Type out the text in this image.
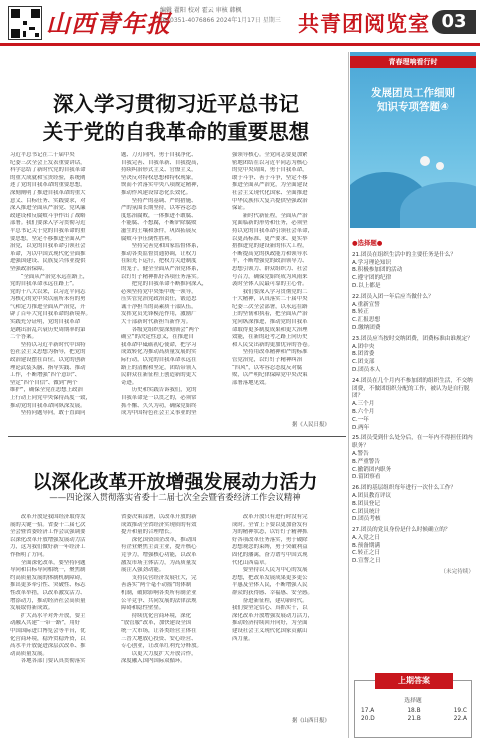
山西青年报
编辑 翟阳 校对 霍云 审核 韩枫
Tel:0351-4076866 2024年1月17日 星期三 共青团阅览室 03
深入学习贯彻习近平总书记
关于党的自我革命的重要思想
习近平总书记在二十届中央
纪委三次全会上发表重要讲话，
科学总结了新时代党的自我革命
的重大成就和宝贵经验，系统阐
述了党的自我革命的重要思想，
深刻阐明了推进自我革命的重大
意义、目标任务、实践要求，对
深入推进全面从严治党、党风廉
政建设和反腐败斗争作出了战略
部署。我们要深入学习贯彻习近
平总书记关于党的自我革命的重
要思想，坚定不移推进全面从严
治党，以党的自我革命引领社会
革命，为以中国式现代化全面推
进强国建设、民族复兴伟业提供
坚强政治保障。
　　“全面从严治党永远在路上，
党的自我革命永远在路上”。
党的十八大以来，以习近平同志
为核心的党中央以前所未有的勇
气和定力推进全面从严治党，开
辟了百年大党自我革命的新境界。
实践充分证明，党的自我革命
是跳出治乱兴衰历史周期率的第
二个答案。
　　坚持以习近平新时代中国特
色社会主义思想为指导，把党的
政治建设摆在首位，以党的创新
理论武装头脑、指导实践、推动
工作，不断增强“四个意识”、
坚定“四个自信”、做到“两个
维护”，确保全党在思想上政治
上行动上同党中央保持高度一致，
推动党的自我革命向纵深发展。
　　坚持问题导向，敢于直面问
题、刀刃向内，勇于自我净化、
自我完善、自我革新、自我提高，
持续纠治形式主义、官僚主义，
坚决反对特权思想和特权现象，
锲而不舍落实中央八项规定精神，
推动作风建设常态化长效化。
　　坚持严的基调、严的措施、
严的氛围长期坚持，以零容忍态
度惩治腐败，一体推进不敢腐、
不能腐、不想腐，不断铲除腐败
滋生的土壤和条件，巩固拓展反
腐败斗争压倒性胜利。
　　坚持完善党和国家监督体系，
推动各类监督贯通协调，让权力
在阳光下运行，把权力关进制度
的笼子，健全全面从严治党体系，
以钉钉子精神抓好各项任务落实。
　　把党的自我革命不断推向深入，
必须坚持党中央集中统一领导，
压实管党治党政治责任，锻造忠
诚干净担当的高素质干部队伍，
发挥党员先锋模范作用，激励广
大干部新时代新担当新作为。
　　各级党组织要深刻领会“两个
确立”的决定性意义，在推进自
我革命中砥砺初心使命，把学习
成效转化为推动高质量发展的实
际行动，以党的自我革命永远在
路上的清醒和坚定，团结带领人
民群众在新征程上创造新的更大
奇迹。
　　历史和实践告诉我们，党的
自我革命是一以贯之的，必须常
抓不懈、久久为功，确保党始终
成为中国特色社会主义事业的坚
强领导核心。全党同志要更加紧
密地团结在以习近平同志为核心
的党中央周围，勇于自我革命，
敢于斗争、善于斗争，坚定不移
推进全面从严治党，为全面建设
社会主义现代化国家、全面推进
中华民族伟大复兴提供坚强政治
保证。
　　新时代新征程，全面从严治
党面临新的形势和任务，必须坚
持以党的自我革命引领社会革命，
以更高标准、更严要求、更实举
措推进党的建设新的伟大工程，
不断提高党的执政能力和领导水
平，不断增强党的政治领导力、
思想引领力、群众组织力、社会
号召力，确保党始终成为风雨来
袭时全体人民最可靠的主心骨。
　　我们要深入学习贯彻党的二
十大精神，认真落实二十届中央
纪委三次全会部署，以永远在路
上的坚韧和执着，把全面从严治
党向纵深推进，推动党的自我革
命取得更多制度成果和更大治理
效能，在新的赶考之路上向历史
和人民交出新的更加优异的答卷。
　　坚持用改革精神和严的标准
管党治党，以钉钉子精神纠治
“四风”，以零容忍态度反对腐
败，以严明纪律保障党中央决策
部署落地见效。
据《人民日报》
以深化改革开放增强发展动力活力
——四论深入贯彻落实省委十二届七次全会暨省委经济工作会议精神
　　改革开放是我国经济取得发
展的关键一招。省委十二届七次
全会暨省委经济工作会议强调要
以深化改革开放增强发展动力活
力，这为我们做好新一年经济工
作指明了方向。
　　全面深化改革，要坚持问题
导向和目标导向相统一，聚焦制
约高质量发展的体制机制障碍，
推出更多牵引性、突破性、标志
性改革举措，以改革激发活力、
增添动力，推动经济社会高质量
发展取得新成效。
　　扩大高水平对外开放，要主
动融入共建“一带一路”，用好
中国国际进口博览会等平台，优
化营商环境，稳外贸稳外资，以
高水平开放促进深层次改革、推
动高质量发展。
　　各地各部门要认真贯彻落实
省委决策部署，以改革开放的新
成效推动全省经济实现质的有效
提升和量的合理增长。
　　深化国资国企改革，推动国
有企业聚焦主责主业，提升核心
竞争力，增强核心功能，以改革
激发市场主体活力，为高质量发
展注入强劲动能。
　　支持民营经济发展壮大，完
善落实“两个毫不动摇”的体制
机制，破除影响各类所有制企业
公平竞争、共同发展的法律法规
障碍和隐性壁垒。
　　持续优化营商环境，深化
“放管服”改革，加快建设全国
统一大市场，让各类经营主体在
三晋大地放心投资、安心经营、
专心创业，让改革红利充分释放。
　　以更大力度扩大开放合作，
深度融入国内国际双循环。
　　改革开放只有进行时没有完
成时。全省上下要以更加奋发有
为的精神状态，以钉钉子精神抓
好各项改革任务落实，勇于破除
思想观念的束缚，勇于突破利益
固化的藩篱，奋力谱写中国式现
代化山西篇章。
　　要坚持以人民为中心的发展
思想，把改革发展成果更多更公
平惠及全体人民，不断增强人民
群众的获得感、幸福感、安全感。
　　奋进新征程，建功新时代。
我们要坚定信心、真抓实干，以
深化改革开放增强发展动力活力，
推动经济持续回升向好，为全面
建设社会主义现代化国家贡献山
西力量。
据《山西日报》
青春理响看行时
发展团员工作细则
知识专项答题④
●选择题●
21.团员在组织生活中的主要任务是什么？
A.学习理论知识
B.积极参加团的活动
C.遵守团的纪律
D.以上都是
22.团员入团一年后应当做什么？
A.重新宣誓
B.转正
C.汇报思想
D.缴纳团费
23.团员应当按时交纳团费，团费标准由谁规定？
A.团中央
B.团省委
C.团支部
D.团员本人
24.团员在几个月内不参加团的组织生活，不交纳团费，不做团组织分配的工作，被认为是自行脱团？
A.三个月
B.六个月
C.一年
D.两年
25.团员受到什么处分后，在一年内不得担任团内职务？
A.警告
B.严重警告
C.撤销团内职务
D.留团察看
26.团的基层组织每年进行一次什么工作？
A.团员教育评议
B.团员登记
C.团员统计
D.团员考核
27.团员的党员身份是什么时候确立的？
A.入党之日
B.预备期满
C.转正之日
D.宣誓之日
（未完待续）
上期答案
选择题
17.A	18.B	19.C
20.D	21.B	22.A
